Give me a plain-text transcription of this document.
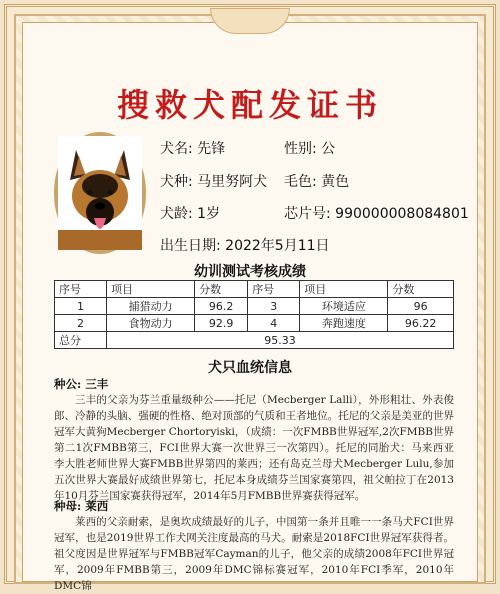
搜救犬配发证书
犬名: 先锋	性别: 公
犬种: 马里努阿犬 毛色: 黄色
犬龄: 1岁	芯片号: 990000008084801
出生日期: 2022年5月11日
幼训测试考核成绩
序号	项目	分数	序号	项目	分数
1	捕猎动力	96.2	3	环境适应	96
2	食物动力	92.9	4	奔跑速度	96.22
总分	95.33				
犬只血统信息
种公: 三丰
三丰的父亲为芬兰重量级种公——托尼（Mecberger Lalli），外形粗壮、外表俊郎、冷静的头脑、强硬的性格、绝对顶部的气质和王者地位。托尼的父亲是美亚的世界冠军大黄狗Mecberger Chortoryiski，（成绩：一次FMBB世界冠军,2次FMBB世界第二1次FMBB第三，FCI世界大赛一次世界三一次第四）。托尼的同胎犬：马来西亚李大胜老师世界大赛FMBB世界第四的莱西；还有岛克兰母犬Mecberger Lulu,参加五次世界大赛最好成绩世界第七，托尼本身成绩芬兰国家赛第四，祖父帕拉丁在2013年10月芬兰国家赛获得冠军，2014年5月FMBB世界赛获得冠军。
种母: 莱西
莱西的父亲耐索，是奥坎成绩最好的儿子，中国第一条并且唯一一条马犬FCI世界冠军，也是2019世界工作犬网关注度最高的马犬。耐索是2018FCI世界冠军获得者。祖父度因是世界冠军与FMBB冠军Cayman的儿子，他父亲的成绩2008年FCI世界冠军，2009年FMBB第三，2009年DMC锦标赛冠军，2010年FCI季军，2010年DMC锦
